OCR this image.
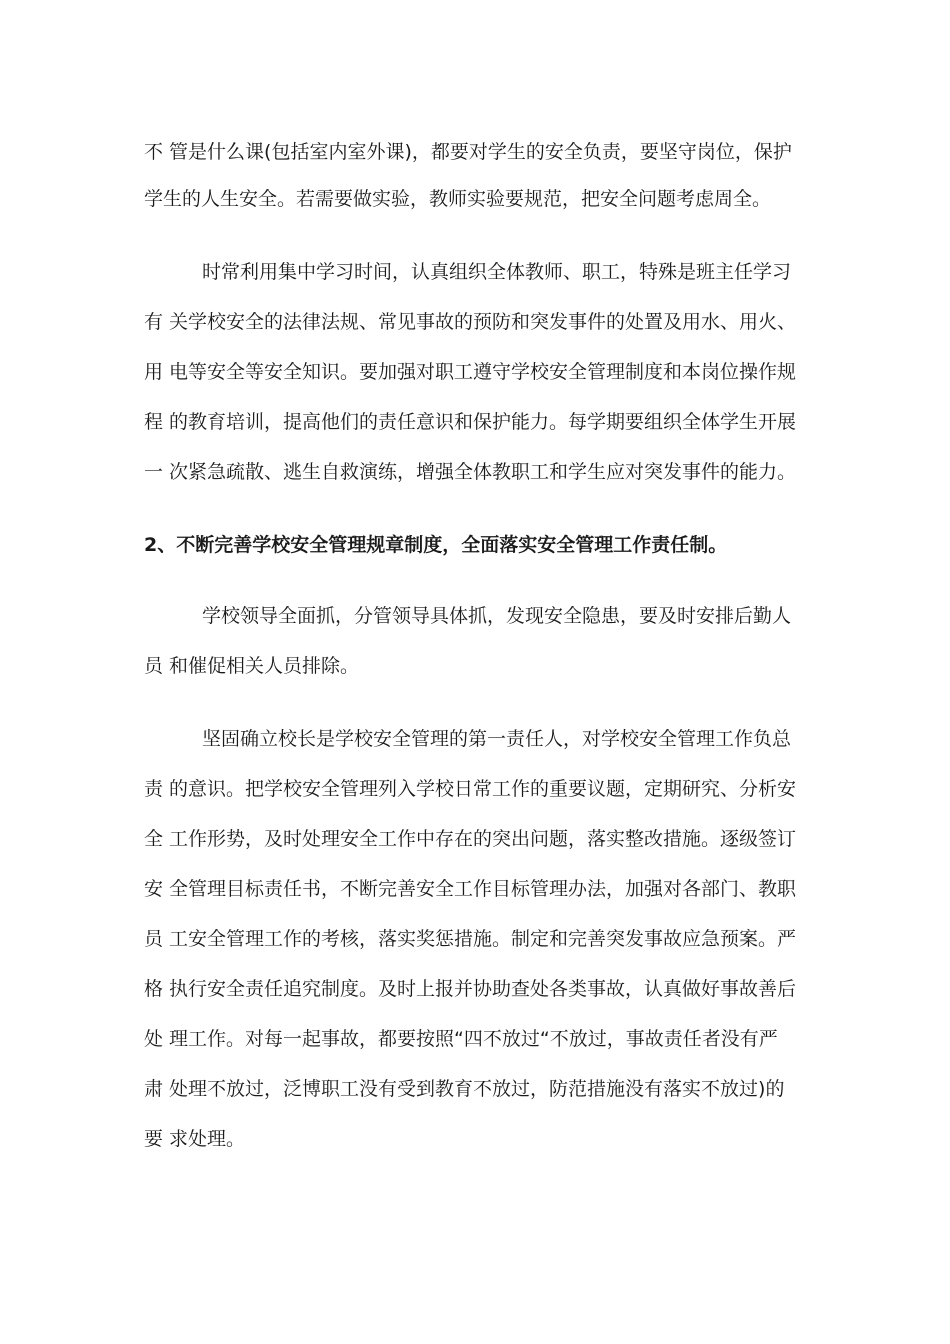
不 管是什么课(包括室内室外课)，都要对学生的安全负责，要坚守岗位，保护
学生的人生安全。若需要做实验，教师实验要规范，把安全问题考虑周全。
时常利用集中学习时间，认真组织全体教师、职工，特殊是班主任学习
有 关学校安全的法律法规、常见事故的预防和突发事件的处置及用水、用火、
用 电等安全等安全知识。要加强对职工遵守学校安全管理制度和本岗位操作规
程 的教育培训，提高他们的责任意识和保护能力。每学期要组织全体学生开展
一 次紧急疏散、逃生自救演练，增强全体教职工和学生应对突发事件的能力。
2、不断完善学校安全管理规章制度，全面落实安全管理工作责任制。
学校领导全面抓，分管领导具体抓，发现安全隐患，要及时安排后勤人
员 和催促相关人员排除。
坚固确立校长是学校安全管理的第一责任人，对学校安全管理工作负总
责 的意识。把学校安全管理列入学校日常工作的重要议题，定期研究、分析安
全 工作形势，及时处理安全工作中存在的突出问题，落实整改措施。逐级签订
安 全管理目标责任书，不断完善安全工作目标管理办法，加强对各部门、教职
员 工安全管理工作的考核，落实奖惩措施。制定和完善突发事故应急预案。严
格 执行安全责任追究制度。及时上报并协助查处各类事故，认真做好事故善后
处 理工作。对每一起事故，都要按照“四不放过“不放过，事故责任者没有严
肃 处理不放过，泛博职工没有受到教育不放过，防范措施没有落实不放过)的
要 求处理。
